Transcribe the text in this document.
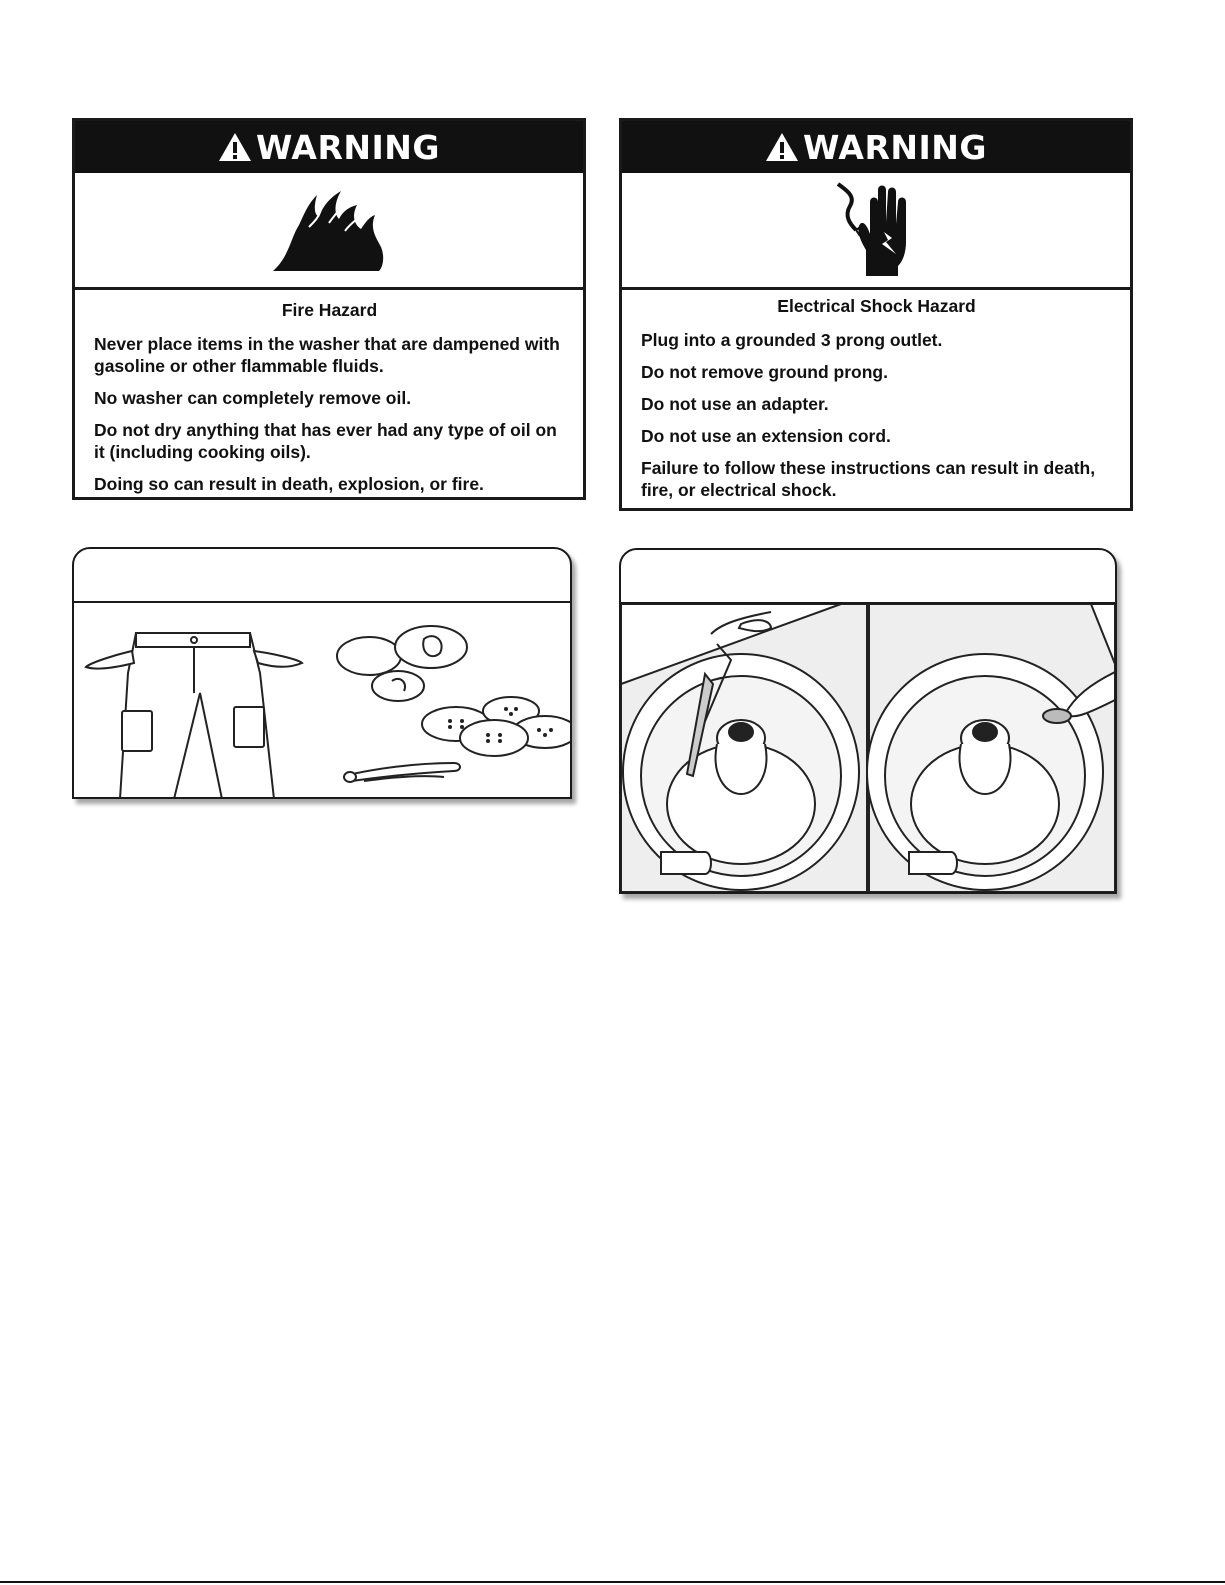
WARNING
Fire Hazard

Never place items in the washer that are dampened with gasoline or other flammable fluids.

No washer can completely remove oil.

Do not dry anything that has ever had any type of oil on it (including cooking oils).

Doing so can result in death, explosion, or fire.

WARNING
Electrical Shock Hazard

Plug into a grounded 3 prong outlet.

Do not remove ground prong.

Do not use an adapter.

Do not use an extension cord.

Failure to follow these instructions can result in death, fire, or electrical shock.
